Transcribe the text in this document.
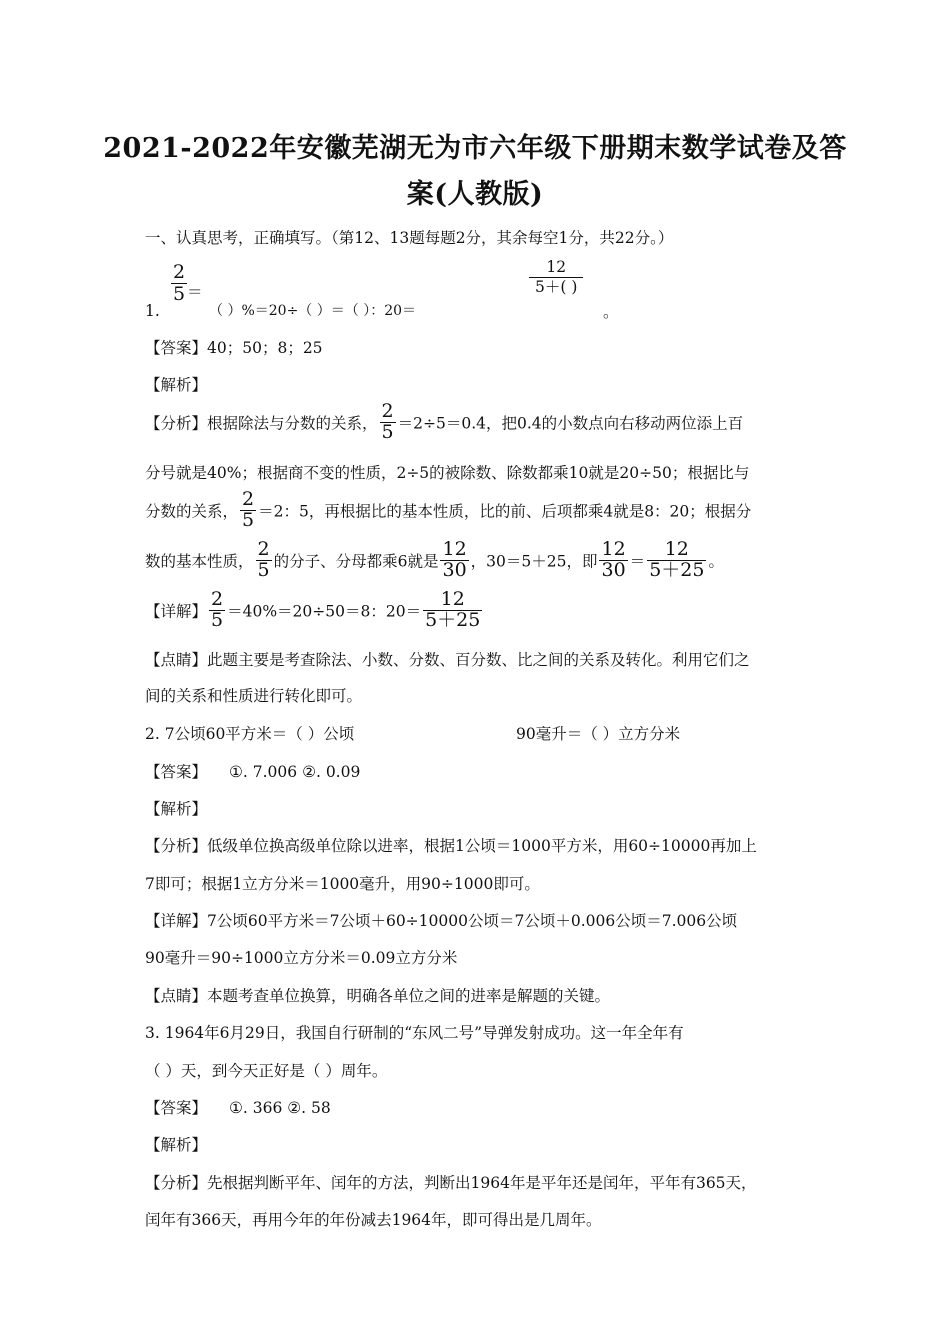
2021-2022年安徽芜湖无为市六年级下册期末数学试卷及答
案(人教版)
一、认真思考，正确填写。（第12、13题每题2分，其余每空1分，共22分。）
1.
$\frac{2}{5}$ ＝
（ ）%＝20÷（ ）＝（ ）：20＝
$\frac{12}{5+( )}$
。
【答案】40；50；8；25
【解析】
【分析】根据除法与分数的关系， $\frac{2}{5} =2\div 5=0.4$，把0.4的小数点向右移动两位添上百
分号就是40%；根据商不变的性质，2÷5的被除数、除数都乘10就是20÷50；根据比与
分数的关系， $\frac{2}{5} =2$：5，再根据比的基本性质，比的前、后项都乘4就是8：20；根据分
数的基本性质， $\frac{2}{5}$ 的分子、分母都乘6就是 $\frac{12}{30}$ ，30＝5＋25，即 $\frac{12}{30} = \frac{12}{5+25}$ 。
【详解】 $\frac{2}{5} =40\%=20\div 50=8$：$20= \frac{12}{5+25}$
【点睛】此题主要是考查除法、小数、分数、百分数、比之间的关系及转化。利用它们之
间的关系和性质进行转化即可。
2. 7公顷60平方米＝（ ）公顷	90毫升＝（ ）立方分米
【答案】 ①. 7.006 ②. 0.09
【解析】
【分析】低级单位换高级单位除以进率，根据1公顷＝1000平方米，用60÷10000再加上
7即可；根据1立方分米＝1000毫升，用90÷1000即可。
【详解】7公顷60平方米＝7公顷＋60÷10000公顷＝7公顷＋0.006公顷＝7.006公顷
90毫升＝90÷1000立方分米＝0.09立方分米
【点睛】本题考查单位换算，明确各单位之间的进率是解题的关键。
3. 1964年6月29日，我国自行研制的“东风二号”导弹发射成功。这一年全年有
（ ）天，到今天正好是（ ）周年。
【答案】 ①. 366 ②. 58
【解析】
【分析】先根据判断平年、闰年的方法，判断出1964年是平年还是闰年，平年有365天，
闰年有366天，再用今年的年份减去1964年，即可得出是几周年。
